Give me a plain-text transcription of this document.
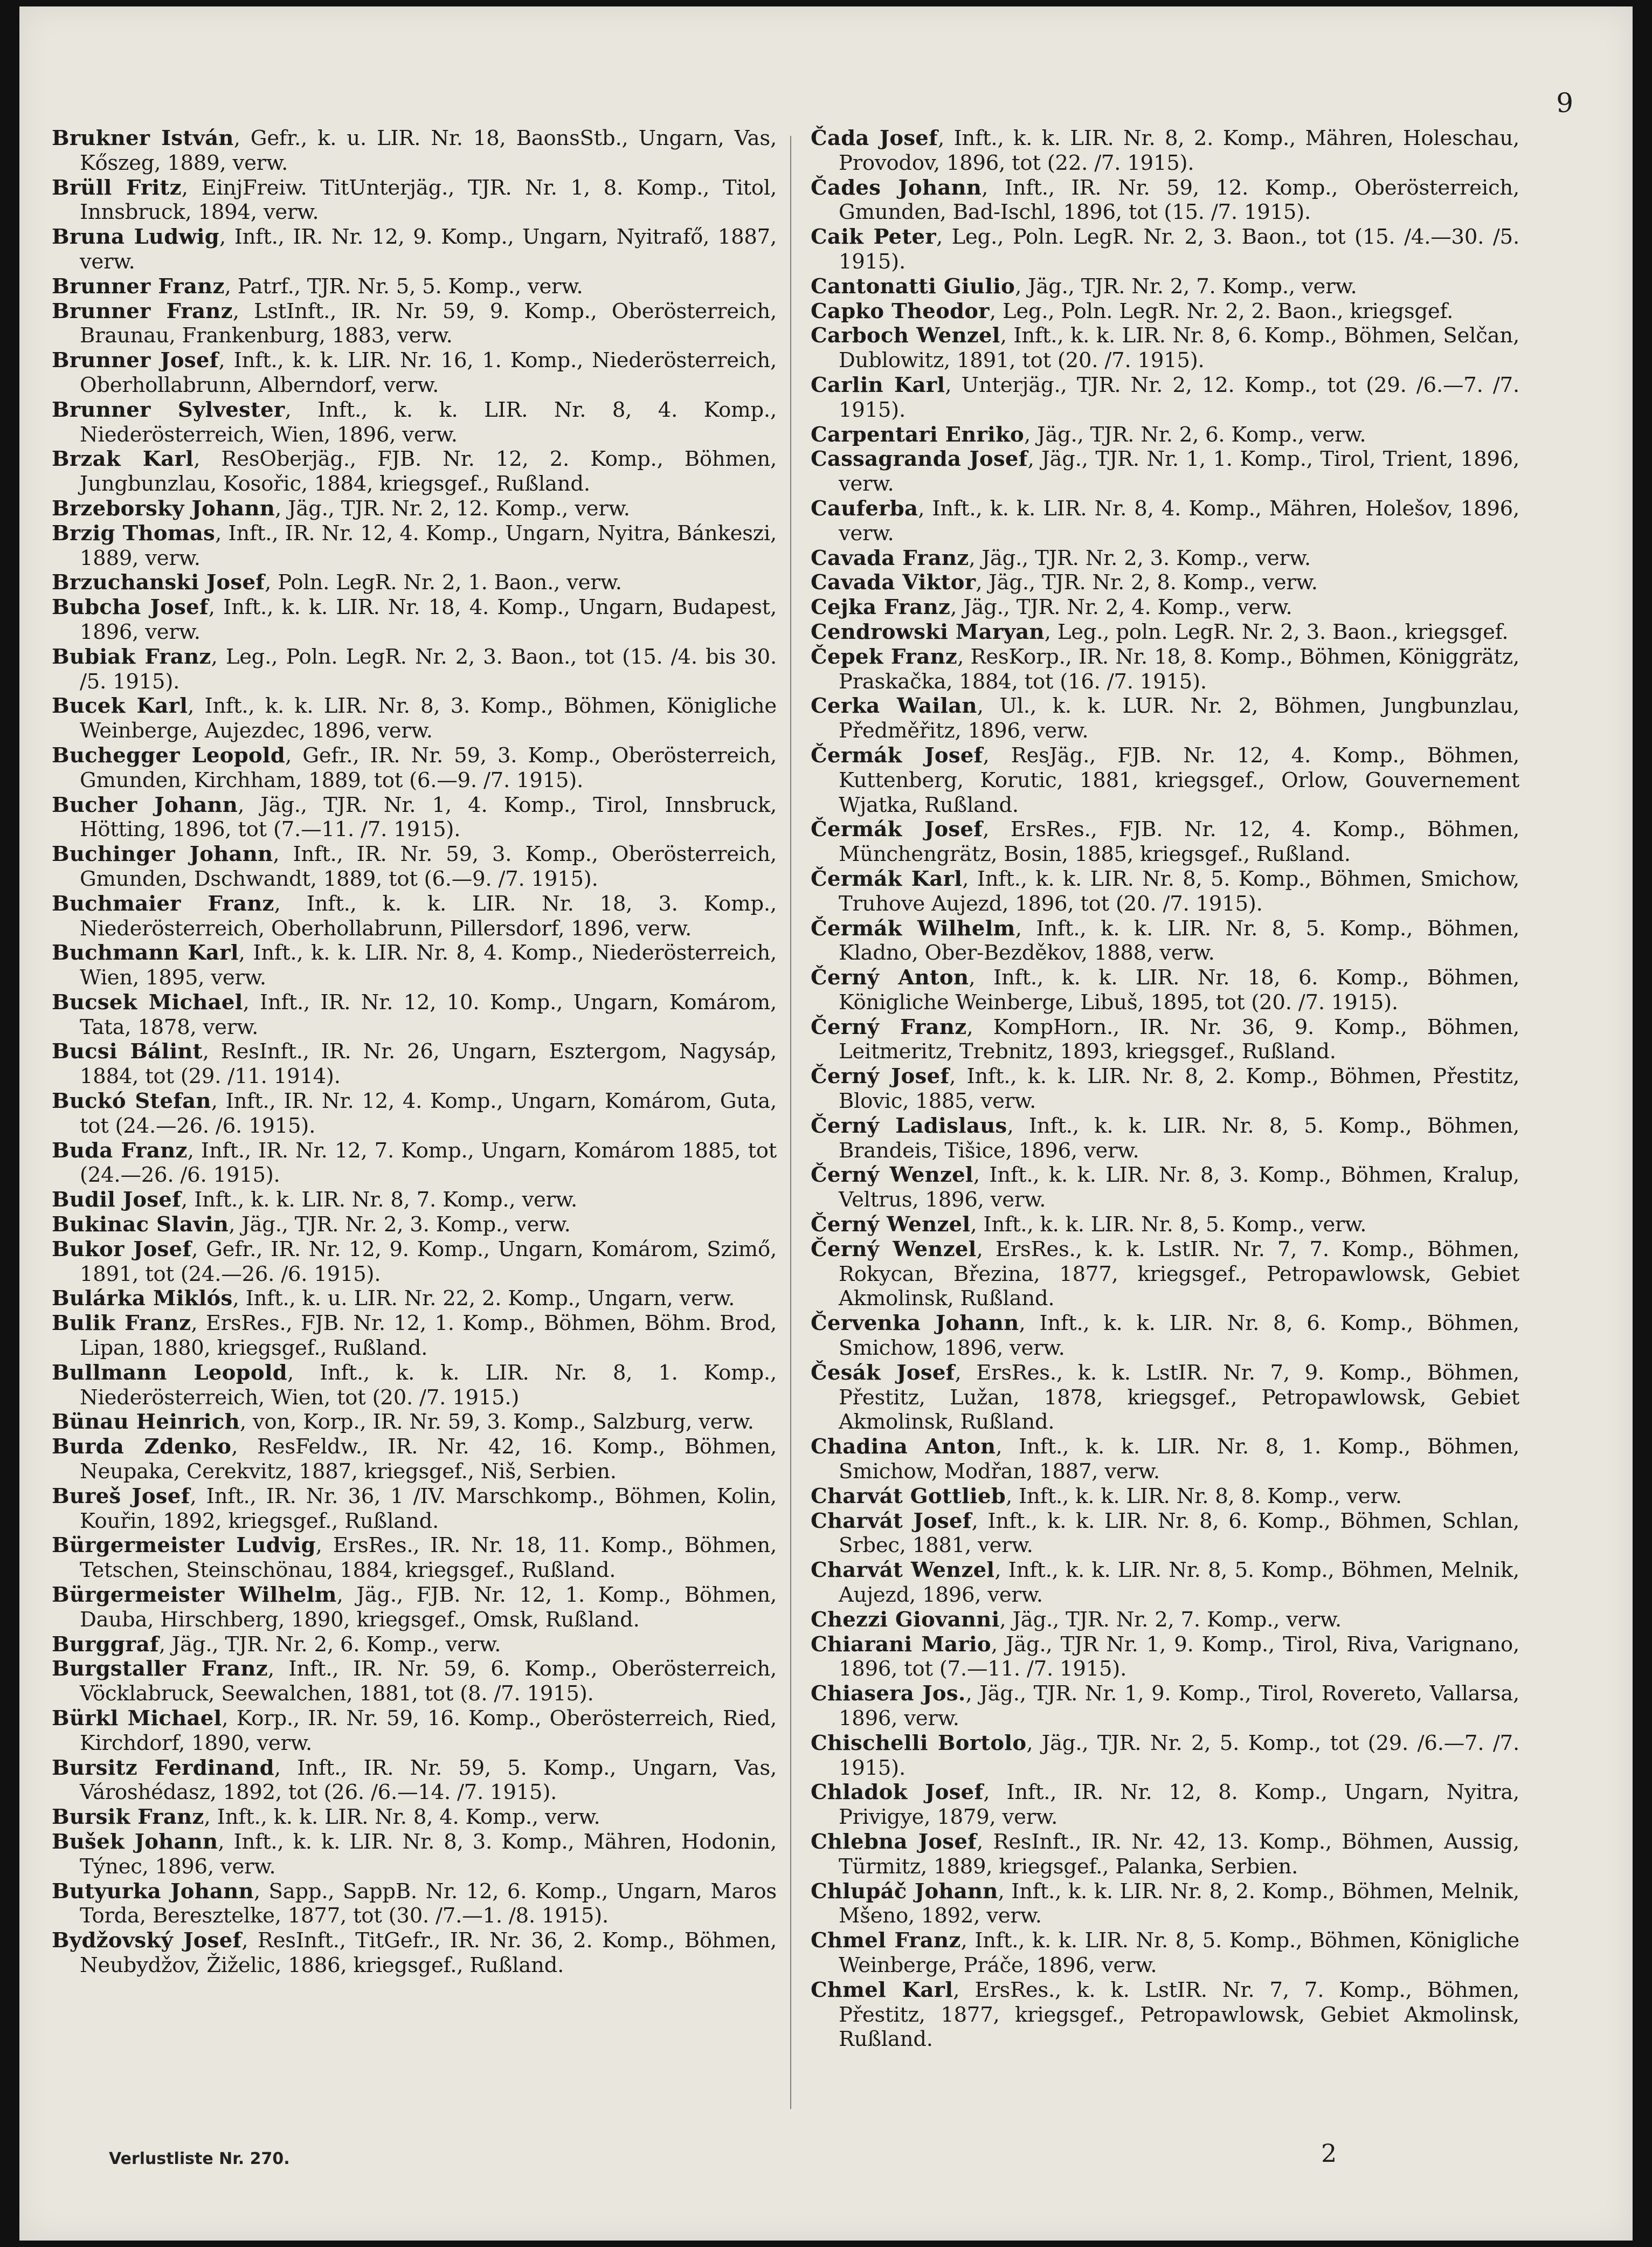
9

Brukner István, Gefr., k. u. LIR. Nr. 18, BaonsStb., Ungarn, Vas, Kőszeg, 1889, verw.

Brüll Fritz, EinjFreiw. TitUnterjäg., TJR. Nr. 1, 8. Komp., Titol, Innsbruck, 1894, verw.

Bruna Ludwig, Inft., IR. Nr. 12, 9. Komp., Ungarn, Nyitrafő, 1887, verw.

Brunner Franz, Patrf., TJR. Nr. 5, 5. Komp., verw.

Brunner Franz, LstInft., IR. Nr. 59, 9. Komp., Oberösterreich, Braunau, Frankenburg, 1883, verw.

Brunner Josef, Inft., k. k. LIR. Nr. 16, 1. Komp., Niederösterreich, Oberhollabrunn, Alberndorf, verw.

Brunner Sylvester, Inft., k. k. LIR. Nr. 8, 4. Komp., Niederösterreich, Wien, 1896, verw.

Brzak Karl, ResOberjäg., FJB. Nr. 12, 2. Komp., Böhmen, Jungbunzlau, Kosořic, 1884, kriegsgef., Rußland.

Brzeborsky Johann, Jäg., TJR. Nr. 2, 12. Komp., verw.

Brzig Thomas, Inft., IR. Nr. 12, 4. Komp., Ungarn, Nyitra, Bánkeszi, 1889, verw.

Brzuchanski Josef, Poln. LegR. Nr. 2, 1. Baon., verw.

Bubcha Josef, Inft., k. k. LIR. Nr. 18, 4. Komp., Ungarn, Budapest, 1896, verw.

Bubiak Franz, Leg., Poln. LegR. Nr. 2, 3. Baon., tot (15. /4. bis 30. /5. 1915).

Bucek Karl, Inft., k. k. LIR. Nr. 8, 3. Komp., Böhmen, Königliche Weinberge, Aujezdec, 1896, verw.

Buchegger Leopold, Gefr., IR. Nr. 59, 3. Komp., Oberösterreich, Gmunden, Kirchham, 1889, tot (6.—9. /7. 1915).

Bucher Johann, Jäg., TJR. Nr. 1, 4. Komp., Tirol, Innsbruck, Hötting, 1896, tot (7.—11. /7. 1915).

Buchinger Johann, Inft., IR. Nr. 59, 3. Komp., Oberösterreich, Gmunden, Dschwandt, 1889, tot (6.—9. /7. 1915).

Buchmaier Franz, Inft., k. k. LIR. Nr. 18, 3. Komp., Niederösterreich, Oberhollabrunn, Pillersdorf, 1896, verw.

Buchmann Karl, Inft., k. k. LIR. Nr. 8, 4. Komp., Niederösterreich, Wien, 1895, verw.

Bucsek Michael, Inft., IR. Nr. 12, 10. Komp., Ungarn, Komárom, Tata, 1878, verw.

Bucsi Bálint, ResInft., IR. Nr. 26, Ungarn, Esztergom, Nagysáp, 1884, tot (29. /11. 1914).

Buckó Stefan, Inft., IR. Nr. 12, 4. Komp., Ungarn, Komárom, Guta, tot (24.—26. /6. 1915).

Buda Franz, Inft., IR. Nr. 12, 7. Komp., Ungarn, Komárom 1885, tot (24.—26. /6. 1915).

Budil Josef, Inft., k. k. LIR. Nr. 8, 7. Komp., verw.

Bukinac Slavin, Jäg., TJR. Nr. 2, 3. Komp., verw.

Bukor Josef, Gefr., IR. Nr. 12, 9. Komp., Ungarn, Komárom, Szimő, 1891, tot (24.—26. /6. 1915).

Bulárka Miklós, Inft., k. u. LIR. Nr. 22, 2. Komp., Ungarn, verw.

Bulik Franz, ErsRes., FJB. Nr. 12, 1. Komp., Böhmen, Böhm. Brod, Lipan, 1880, kriegsgef., Rußland.

Bullmann Leopold, Inft., k. k. LIR. Nr. 8, 1. Komp., Niederösterreich, Wien, tot (20. /7. 1915.)

Bünau Heinrich, von, Korp., IR. Nr. 59, 3. Komp., Salzburg, verw.

Burda Zdenko, ResFeldw., IR. Nr. 42, 16. Komp., Böhmen, Neupaka, Cerekvitz, 1887, kriegsgef., Niš, Serbien.

Bureš Josef, Inft., IR. Nr. 36, 1 /IV. Marschkomp., Böhmen, Kolin, Kouřin, 1892, kriegsgef., Rußland.

Bürgermeister Ludvig, ErsRes., IR. Nr. 18, 11. Komp., Böhmen, Tetschen, Steinschönau, 1884, kriegsgef., Rußland.

Bürgermeister Wilhelm, Jäg., FJB. Nr. 12, 1. Komp., Böhmen, Dauba, Hirschberg, 1890, kriegsgef., Omsk, Rußland.

Burggraf, Jäg., TJR. Nr. 2, 6. Komp., verw.

Burgstaller Franz, Inft., IR. Nr. 59, 6. Komp., Oberösterreich, Vöcklabruck, Seewalchen, 1881, tot (8. /7. 1915).

Bürkl Michael, Korp., IR. Nr. 59, 16. Komp., Oberösterreich, Ried, Kirchdorf, 1890, verw.

Bursitz Ferdinand, Inft., IR. Nr. 59, 5. Komp., Ungarn, Vas, Városhédasz, 1892, tot (26. /6.—14. /7. 1915).

Bursik Franz, Inft., k. k. LIR. Nr. 8, 4. Komp., verw.

Bušek Johann, Inft., k. k. LIR. Nr. 8, 3. Komp., Mähren, Hodonin, Týnec, 1896, verw.

Butyurka Johann, Sapp., SappB. Nr. 12, 6. Komp., Ungarn, Maros Torda, Beresztelke, 1877, tot (30. /7.—1. /8. 1915).

Bydžovský Josef, ResInft., TitGefr., IR. Nr. 36, 2. Komp., Böhmen, Neubydžov, Žiželic, 1886, kriegsgef., Rußland.

Čada Josef, Inft., k. k. LIR. Nr. 8, 2. Komp., Mähren, Holeschau, Provodov, 1896, tot (22. /7. 1915).

Čades Johann, Inft., IR. Nr. 59, 12. Komp., Oberösterreich, Gmunden, Bad-Ischl, 1896, tot (15. /7. 1915).

Caik Peter, Leg., Poln. LegR. Nr. 2, 3. Baon., tot (15. /4.—30. /5. 1915).

Cantonatti Giulio, Jäg., TJR. Nr. 2, 7. Komp., verw.

Capko Theodor, Leg., Poln. LegR. Nr. 2, 2. Baon., kriegsgef.

Carboch Wenzel, Inft., k. k. LIR. Nr. 8, 6. Komp., Böhmen, Selčan, Dublowitz, 1891, tot (20. /7. 1915).

Carlin Karl, Unterjäg., TJR. Nr. 2, 12. Komp., tot (29. /6.—7. /7. 1915).

Carpentari Enriko, Jäg., TJR. Nr. 2, 6. Komp., verw.

Cassagranda Josef, Jäg., TJR. Nr. 1, 1. Komp., Tirol, Trient, 1896, verw.

Cauferba, Inft., k. k. LIR. Nr. 8, 4. Komp., Mähren, Holešov, 1896, verw.

Cavada Franz, Jäg., TJR. Nr. 2, 3. Komp., verw.

Cavada Viktor, Jäg., TJR. Nr. 2, 8. Komp., verw.

Cejka Franz, Jäg., TJR. Nr. 2, 4. Komp., verw.

Cendrowski Maryan, Leg., poln. LegR. Nr. 2, 3. Baon., kriegsgef.

Čepek Franz, ResKorp., IR. Nr. 18, 8. Komp., Böhmen, Königgrätz, Praskačka, 1884, tot (16. /7. 1915).

Cerka Wailan, Ul., k. k. LUR. Nr. 2, Böhmen, Jungbunzlau, Předměřitz, 1896, verw.

Čermák Josef, ResJäg., FJB. Nr. 12, 4. Komp., Böhmen, Kuttenberg, Korutic, 1881, kriegsgef., Orlow, Gouvernement Wjatka, Rußland.

Čermák Josef, ErsRes., FJB. Nr. 12, 4. Komp., Böhmen, Münchengrätz, Bosin, 1885, kriegsgef., Rußland.

Čermák Karl, Inft., k. k. LIR. Nr. 8, 5. Komp., Böhmen, Smichow, Truhove Aujezd, 1896, tot (20. /7. 1915).

Čermák Wilhelm, Inft., k. k. LIR. Nr. 8, 5. Komp., Böhmen, Kladno, Ober-Bezděkov, 1888, verw.

Černý Anton, Inft., k. k. LIR. Nr. 18, 6. Komp., Böhmen, Königliche Weinberge, Libuš, 1895, tot (20. /7. 1915).

Černý Franz, KompHorn., IR. Nr. 36, 9. Komp., Böhmen, Leitmeritz, Trebnitz, 1893, kriegsgef., Rußland.

Černý Josef, Inft., k. k. LIR. Nr. 8, 2. Komp., Böhmen, Přestitz, Blovic, 1885, verw.

Černý Ladislaus, Inft., k. k. LIR. Nr. 8, 5. Komp., Böhmen, Brandeis, Tišice, 1896, verw.

Černý Wenzel, Inft., k. k. LIR. Nr. 8, 3. Komp., Böhmen, Kralup, Veltrus, 1896, verw.

Černý Wenzel, Inft., k. k. LIR. Nr. 8, 5. Komp., verw.

Černý Wenzel, ErsRes., k. k. LstIR. Nr. 7, 7. Komp., Böhmen, Rokycan, Březina, 1877, kriegsgef., Petropawlowsk, Gebiet Akmolinsk, Rußland.

Červenka Johann, Inft., k. k. LIR. Nr. 8, 6. Komp., Böhmen, Smichow, 1896, verw.

Česák Josef, ErsRes., k. k. LstIR. Nr. 7, 9. Komp., Böhmen, Přestitz, Lužan, 1878, kriegsgef., Petropawlowsk, Gebiet Akmolinsk, Rußland.

Chadina Anton, Inft., k. k. LIR. Nr. 8, 1. Komp., Böhmen, Smichow, Modřan, 1887, verw.

Charvát Gottlieb, Inft., k. k. LIR. Nr. 8, 8. Komp., verw.

Charvát Josef, Inft., k. k. LIR. Nr. 8, 6. Komp., Böhmen, Schlan, Srbec, 1881, verw.

Charvát Wenzel, Inft., k. k. LIR. Nr. 8, 5. Komp., Böhmen, Melnik, Aujezd, 1896, verw.

Chezzi Giovanni, Jäg., TJR. Nr. 2, 7. Komp., verw.

Chiarani Mario, Jäg., TJR Nr. 1, 9. Komp., Tirol, Riva, Varignano, 1896, tot (7.—11. /7. 1915).

Chiasera Jos., Jäg., TJR. Nr. 1, 9. Komp., Tirol, Rovereto, Vallarsa, 1896, verw.

Chischelli Bortolo, Jäg., TJR. Nr. 2, 5. Komp., tot (29. /6.—7. /7. 1915).

Chladok Josef, Inft., IR. Nr. 12, 8. Komp., Ungarn, Nyitra, Privigye, 1879, verw.

Chlebna Josef, ResInft., IR. Nr. 42, 13. Komp., Böhmen, Aussig, Türmitz, 1889, kriegsgef., Palanka, Serbien.

Chlupáč Johann, Inft., k. k. LIR. Nr. 8, 2. Komp., Böhmen, Melnik, Mšeno, 1892, verw.

Chmel Franz, Inft., k. k. LIR. Nr. 8, 5. Komp., Böhmen, Königliche Weinberge, Práče, 1896, verw.

Chmel Karl, ErsRes., k. k. LstIR. Nr. 7, 7. Komp., Böhmen, Přestitz, 1877, kriegsgef., Petropawlowsk, Gebiet Akmolinsk, Rußland.

Verlustliste Nr. 270.	2
